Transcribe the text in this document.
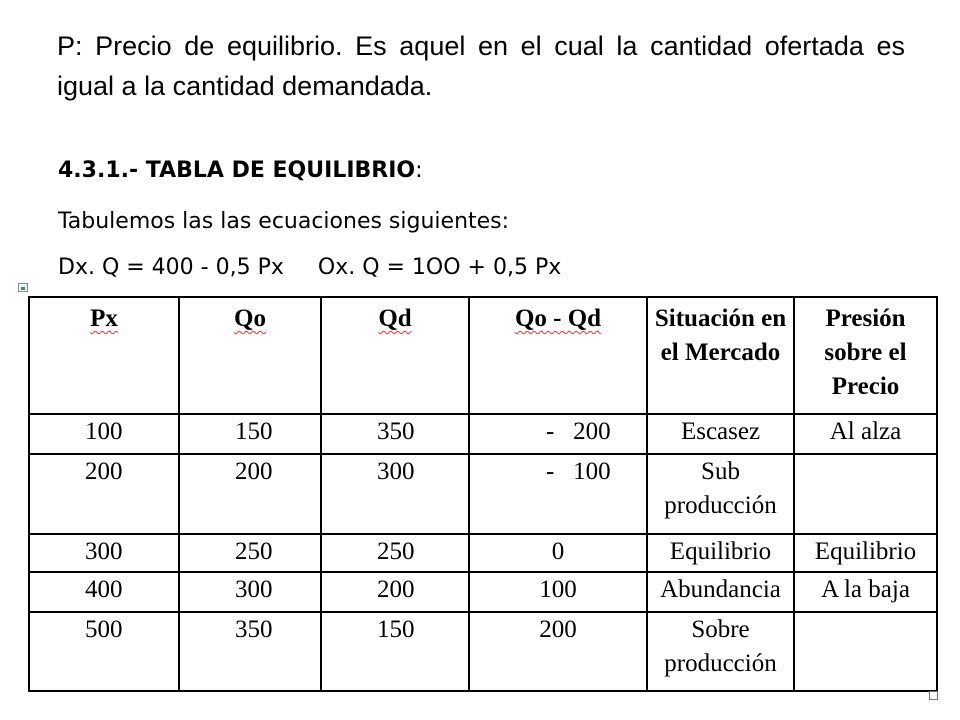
P: Precio de equilibrio. Es aquel en el cual la cantidad ofertada es igual a la cantidad demandada.
4.3.1.- TABLA DE EQUILIBRIO:
Tabulemos las las ecuaciones siguientes:
Dx. Q = 400 - 0,5 Px Ox. Q = 1OO + 0,5 Px
Px	Qo	Qd	Qo - Qd	Situación en el Mercado	Presión sobre el Precio
100	150	350	-   200	Escasez	Al alza
200	200	300	-   100	Sub producción	
300	250	250	0	Equilibrio	Equilibrio
400	300	200	100	Abundancia	A la baja
500	350	150	200	Sobre producción	
